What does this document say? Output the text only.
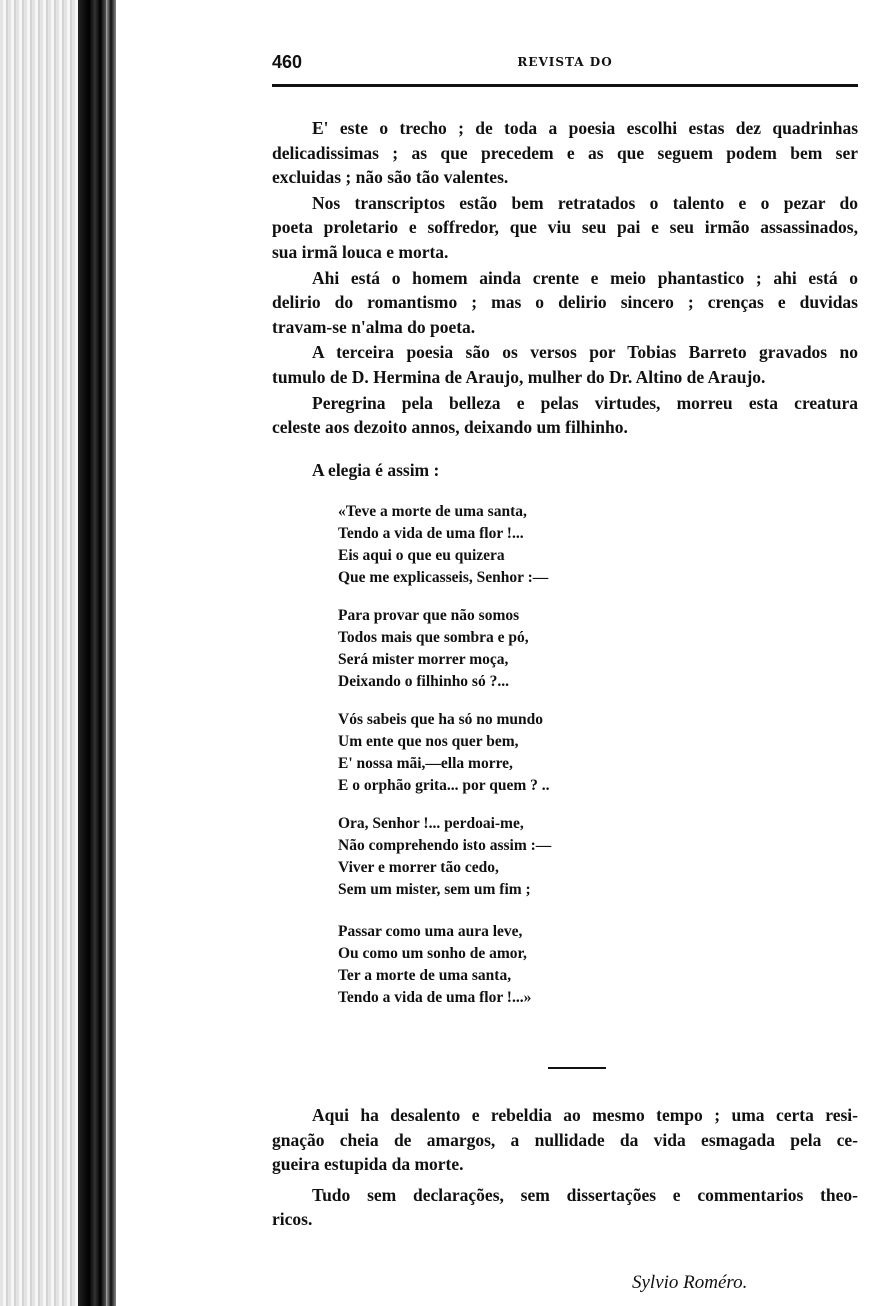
460	REVISTA DO
E' este o trecho ; de toda a poesia escolhi estas dez quadrinhas
delicadissimas ; as que precedem e as que seguem podem bem ser
excluidas ; não são tão valentes.
Nos transcriptos estão bem retratados o talento e o pezar do
poeta proletario e soffredor, que viu seu pai e seu irmão assassinados,
sua irmã louca e morta.
Ahi está o homem ainda crente e meio phantastico ; ahi está o
delirio do romantismo ; mas o delirio sincero ; crenças e duvidas
travam-se n'alma do poeta.
A terceira poesia são os versos por Tobias Barreto gravados no
tumulo de D. Hermina de Araujo, mulher do Dr. Altino de Araujo.
Peregrina pela belleza e pelas virtudes, morreu esta creatura
celeste aos dezoito annos, deixando um filhinho.
A elegia é assim :
«Teve a morte de uma santa,
Tendo a vida de uma flor !...
Eis aqui o que eu quizera
Que me explicasseis, Senhor :—
Para provar que não somos
Todos mais que sombra e pó,
Será mister morrer moça,
Deixando o filhinho só ?...
Vós sabeis que ha só no mundo
Um ente que nos quer bem,
E' nossa mãi,—ella morre,
E o orphão grita... por quem ? ..
Ora, Senhor !... perdoai-me,
Não comprehendo isto assim :—
Viver e morrer tão cedo,
Sem um mister, sem um fim ;
Passar como uma aura leve,
Ou como um sonho de amor,
Ter a morte de uma santa,
Tendo a vida de uma flor !...»
Aqui ha desalento e rebeldia ao mesmo tempo ; uma certa resi-
gnação cheia de amargos, a nullidade da vida esmagada pela ce-
gueira estupida da morte.
Tudo sem declarações, sem dissertações e commentarios theo-
ricos.
Sylvio Roméro.
